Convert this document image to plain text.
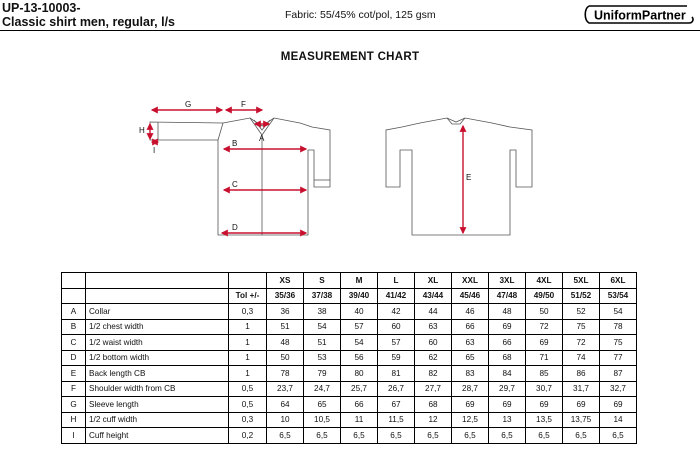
UP-13-10003-
Classic shirt men, regular, l/s	Fabric: 55/45% cot/pol, 125 gsm	UniformPartner
MEASUREMENT CHART
G	F
H
I
A
B
C
D
E
			XS	S	M	L	XL	XXL	3XL	4XL	5XL	6XL
		Tol +/-	35/36	37/38	39/40	41/42	43/44	45/46	47/48	49/50	51/52	53/54
A	Collar	0,3	36	38	40	42	44	46	48	50	52	54
B	1/2 chest width	1	51	54	57	60	63	66	69	72	75	78
C	1/2 waist width	1	48	51	54	57	60	63	66	69	72	75
D	1/2 bottom width	1	50	53	56	59	62	65	68	71	74	77
E	Back length CB	1	78	79	80	81	82	83	84	85	86	87
F	Shoulder width from CB	0,5	23,7	24,7	25,7	26,7	27,7	28,7	29,7	30,7	31,7	32,7
G	Sleeve length	0,5	64	65	66	67	68	69	69	69	69	69
H	1/2 cuff width	0,3	10	10,5	11	11,5	12	12,5	13	13,5	13,75	14
I	Cuff height	0,2	6,5	6,5	6,5	6,5	6,5	6,5	6,5	6,5	6,5	6,5
